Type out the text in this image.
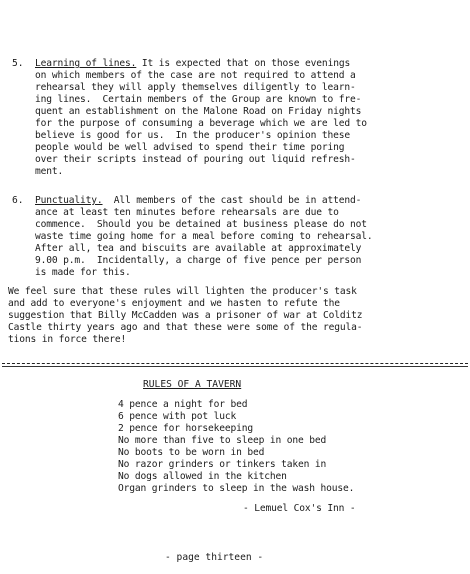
5. Learning of lines. It is expected that on those evenings
on which members of the case are not required to attend a
rehearsal they will apply themselves diligently to learn-
ing lines.  Certain members of the Group are known to fre-
quent an establishment on the Malone Road on Friday nights
for the purpose of consuming a beverage which we are led to
believe is good for us.  In the producer's opinion these
people would be well advised to spend their time poring
over their scripts instead of pouring out liquid refresh-
ment.
6. Punctuality.  All members of the cast should be in attend-
ance at least ten minutes before rehearsals are due to
commence.  Should you be detained at business please do not
waste time going home for a meal before coming to rehearsal.
After all, tea and biscuits are available at approximately
9.00 p.m.  Incidentally, a charge of five pence per person
is made for this.
We feel sure that these rules will lighten the producer's task
and add to everyone's enjoyment and we hasten to refute the
suggestion that Billy McCadden was a prisoner of war at Colditz
Castle thirty years ago and that these were some of the regula-
tions in force there!
RULES OF A TAVERN
4 pence a night for bed
6 pence with pot luck
2 pence for horsekeeping
No more than five to sleep in one bed
No boots to be worn in bed
No razor grinders or tinkers taken in
No dogs allowed in the kitchen
Organ grinders to sleep in the wash house.
- Lemuel Cox's Inn -
- page thirteen -
